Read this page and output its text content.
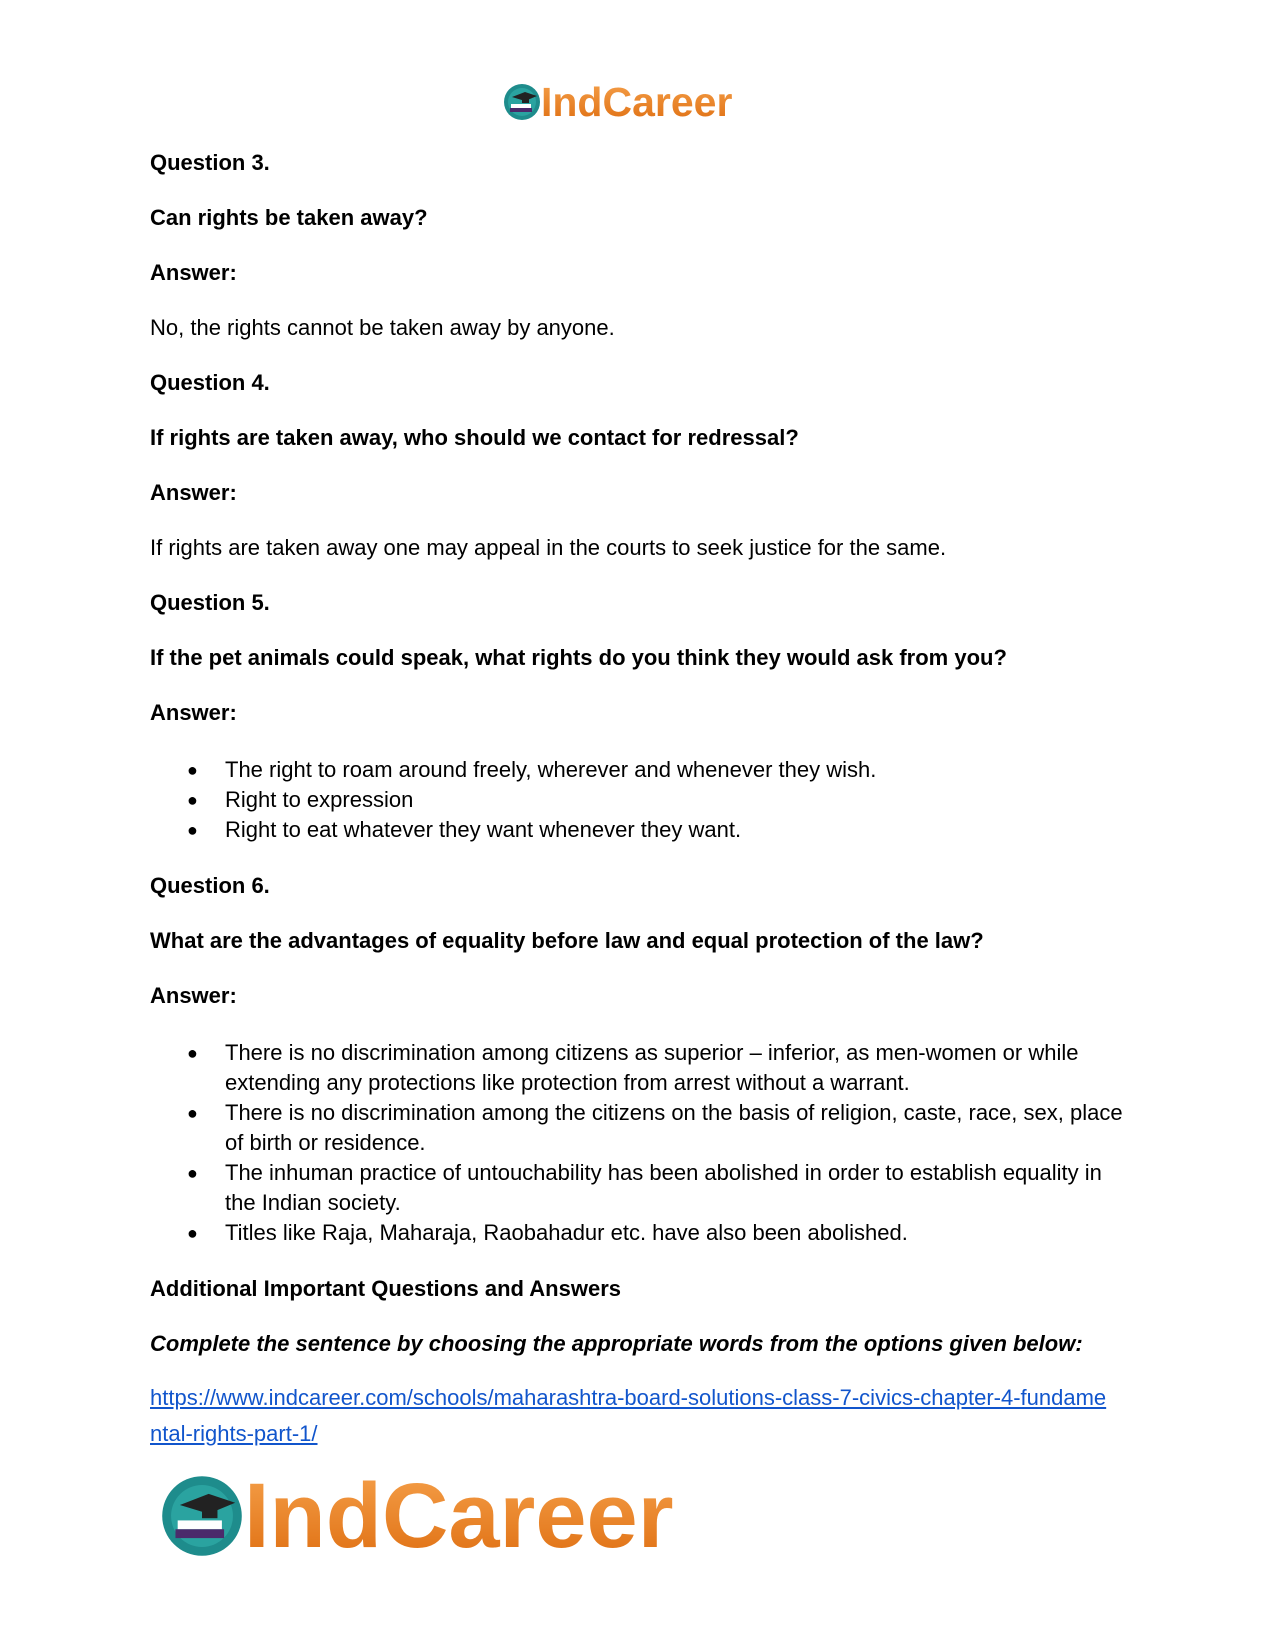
IndCareer

Question 3.

Can rights be taken away?

Answer:

No, the rights cannot be taken away by anyone.

Question 4.

If rights are taken away, who should we contact for redressal?

Answer:

If rights are taken away one may appeal in the courts to seek justice for the same.

Question 5.

If the pet animals could speak, what rights do you think they would ask from you?

Answer:

● The right to roam around freely, wherever and whenever they wish.
● Right to expression
● Right to eat whatever they want whenever they want.

Question 6.

What are the advantages of equality before law and equal protection of the law?

Answer:

● There is no discrimination among citizens as superior – inferior, as men-women or while extending any protections like protection from arrest without a warrant.
● There is no discrimination among the citizens on the basis of religion, caste, race, sex, place of birth or residence.
● The inhuman practice of untouchability has been abolished in order to establish equality in the Indian society.
● Titles like Raja, Maharaja, Raobahadur etc. have also been abolished.

Additional Important Questions and Answers

Complete the sentence by choosing the appropriate words from the options given below:

https://www.indcareer.com/schools/maharashtra-board-solutions-class-7-civics-chapter-4-fundamental-rights-part-1/
IndCareer
